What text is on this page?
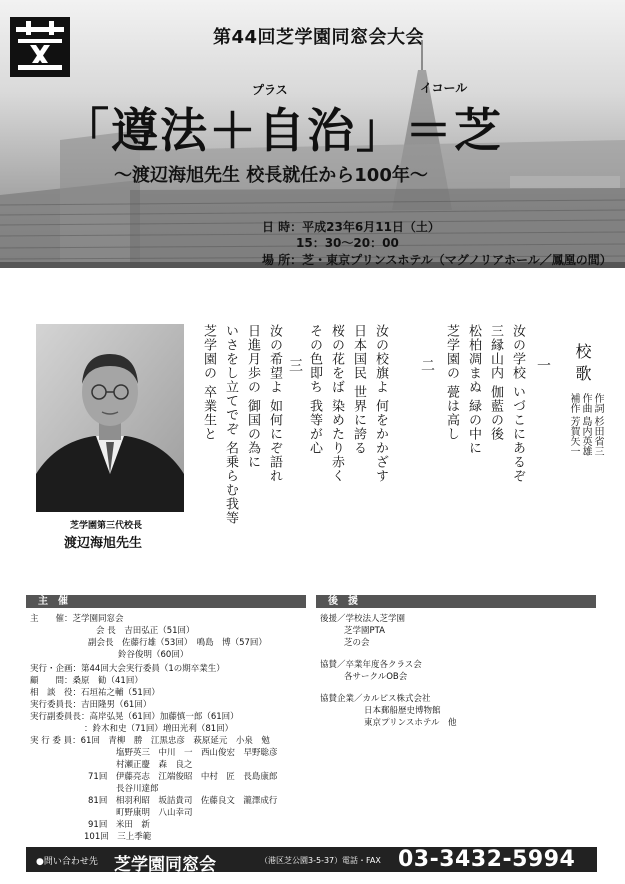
第44回芝学園同窓会大会
プラス	イコール
「遵法＋自治」＝芝
～渡辺海旭先生 校長就任から100年～
日 時：平成23年6月11日（土）
15：30～20：00
場 所：芝・東京プリンスホテル（マグノリアホール／鳳凰の間）
芝学園第三代校長
渡辺海旭先生
校歌
作詞 杉田省三
作曲 島内英雄
補作 芳賀矢一
一
汝の学校 いづこにあるぞ
三縁山内 伽藍の後
松柏凋まぬ 緑の中に
芝学園の 甍は高し
二
汝の校旗よ 何をかかざす
日本国民 世界に誇る
桜の花をば 染めたり赤く
その色即ち 我等が心
三
汝の希望よ 如何にぞ語れ
日進月歩の 御国の為に
いさをし立てでぞ 名乗らむ我等
芝学園の 卒業生と
主　催	後　援
主　　催：芝学園同窓会
会 長　吉田弘正（51回）
副会長　佐藤行雄（53回）　鳴島　博（57回）
鈴谷俊明（60回）
実行・企画：第44回大会実行委員（1の期卒業生）
顧　　問：桑原　勧（41回）
相　談　役：石垣祐之輔（51回）
実行委員長：吉田隆男（61回）
実行副委員長：高岸弘晃（61回）加藤慎一郎（61回）
：鈴木和史（71回）増田光利（81回）
実 行 委 員：61回　青柳　勝　江黒忠彦　萩原延元　小泉　勉
塩野英三　中川　一　西山俊宏　早野聡彦
村瀬正慶　森　良之
71回　伊藤亮志　江端俊昭　中村　匠　長島康郎
長谷川達郎
81回　相羽利昭　坂詰貴司　佐藤良文　瀧澤成行
町野康明　八山幸司
91回　米田　新
101回　三上季範
後援／学校法人芝学園
芝学園PTA
芝の会
協賛／卒業年度各クラス会
各サークルOB会
協賛企業／カルピス株式会社
日本郵船歴史博物館
東京プリンスホテル　他
●問い合わせ先 芝学園同窓会	（港区芝公園3-5-37） 電話・FAX 03-3432-5994
